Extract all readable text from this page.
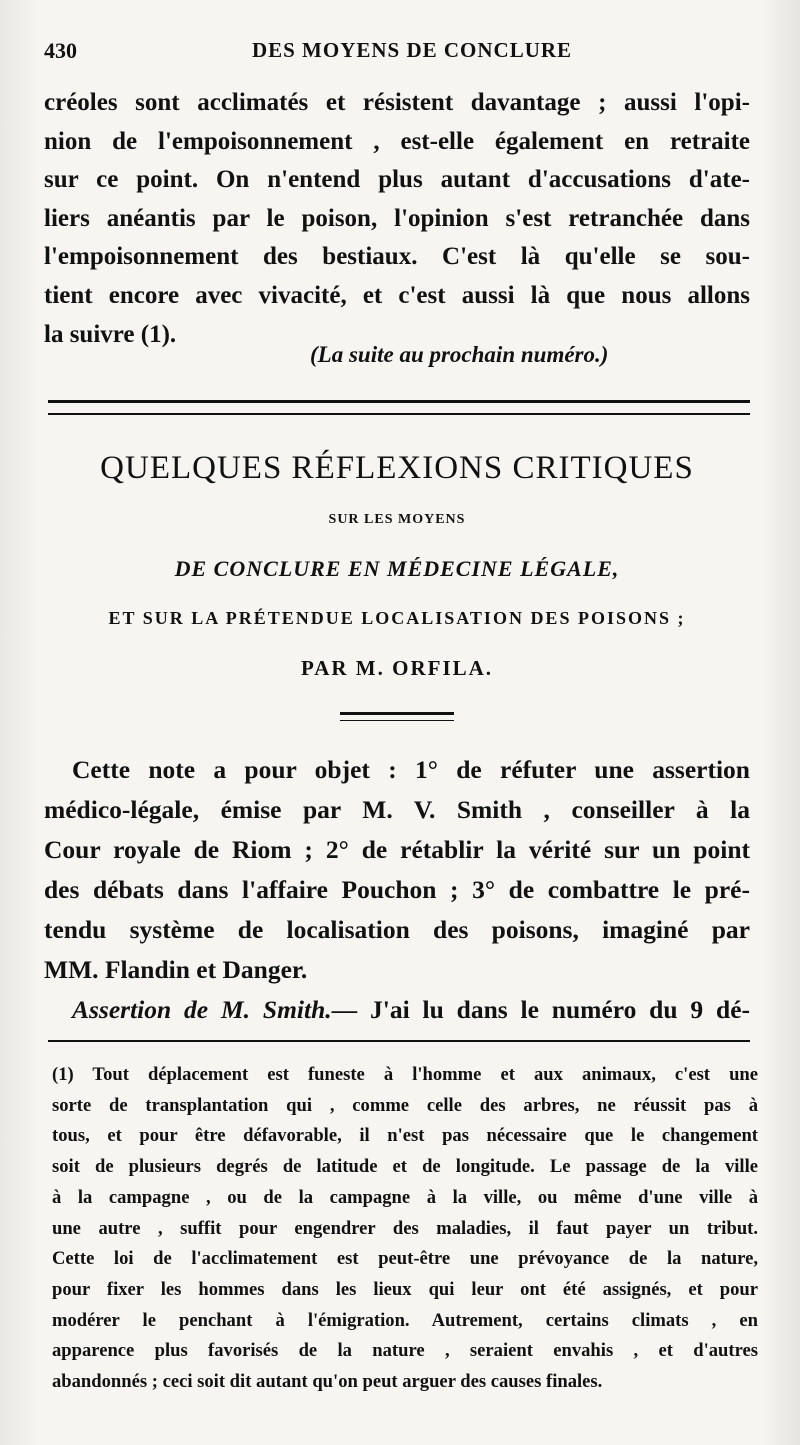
430	DES MOYENS DE CONCLURE
créoles sont acclimatés et résistent davantage ; aussi l'opi-
nion de l'empoisonnement , est-elle également en retraite
sur ce point. On n'entend plus autant d'accusations d'ate-
liers anéantis par le poison, l'opinion s'est retranchée dans
l'empoisonnement des bestiaux. C'est là qu'elle se sou-
tient encore avec vivacité, et c'est aussi là que nous allons
la suivre (1).
(La suite au prochain numéro.)
QUELQUES RÉFLEXIONS CRITIQUES
SUR LES MOYENS
DE CONCLURE EN MÉDECINE LÉGALE,
ET SUR LA PRÉTENDUE LOCALISATION DES POISONS ;
PAR M. ORFILA.
Cette note a pour objet : 1° de réfuter une assertion
médico-légale, émise par M. V. Smith , conseiller à la
Cour royale de Riom ; 2° de rétablir la vérité sur un point
des débats dans l'affaire Pouchon ; 3° de combattre le pré-
tendu système de localisation des poisons, imaginé par
MM. Flandin et Danger.
Assertion de M. Smith.— J'ai lu dans le numéro du 9 dé-
(1) Tout déplacement est funeste à l'homme et aux animaux, c'est une
sorte de transplantation qui , comme celle des arbres, ne réussit pas à
tous, et pour être défavorable, il n'est pas nécessaire que le changement
soit de plusieurs degrés de latitude et de longitude. Le passage de la ville
à la campagne , ou de la campagne à la ville, ou même d'une ville à
une autre , suffit pour engendrer des maladies, il faut payer un tribut.
Cette loi de l'acclimatement est peut-être une prévoyance de la nature,
pour fixer les hommes dans les lieux qui leur ont été assignés, et pour
modérer le penchant à l'émigration. Autrement, certains climats , en
apparence plus favorisés de la nature , seraient envahis , et d'autres
abandonnés ; ceci soit dit autant qu'on peut arguer des causes finales.
